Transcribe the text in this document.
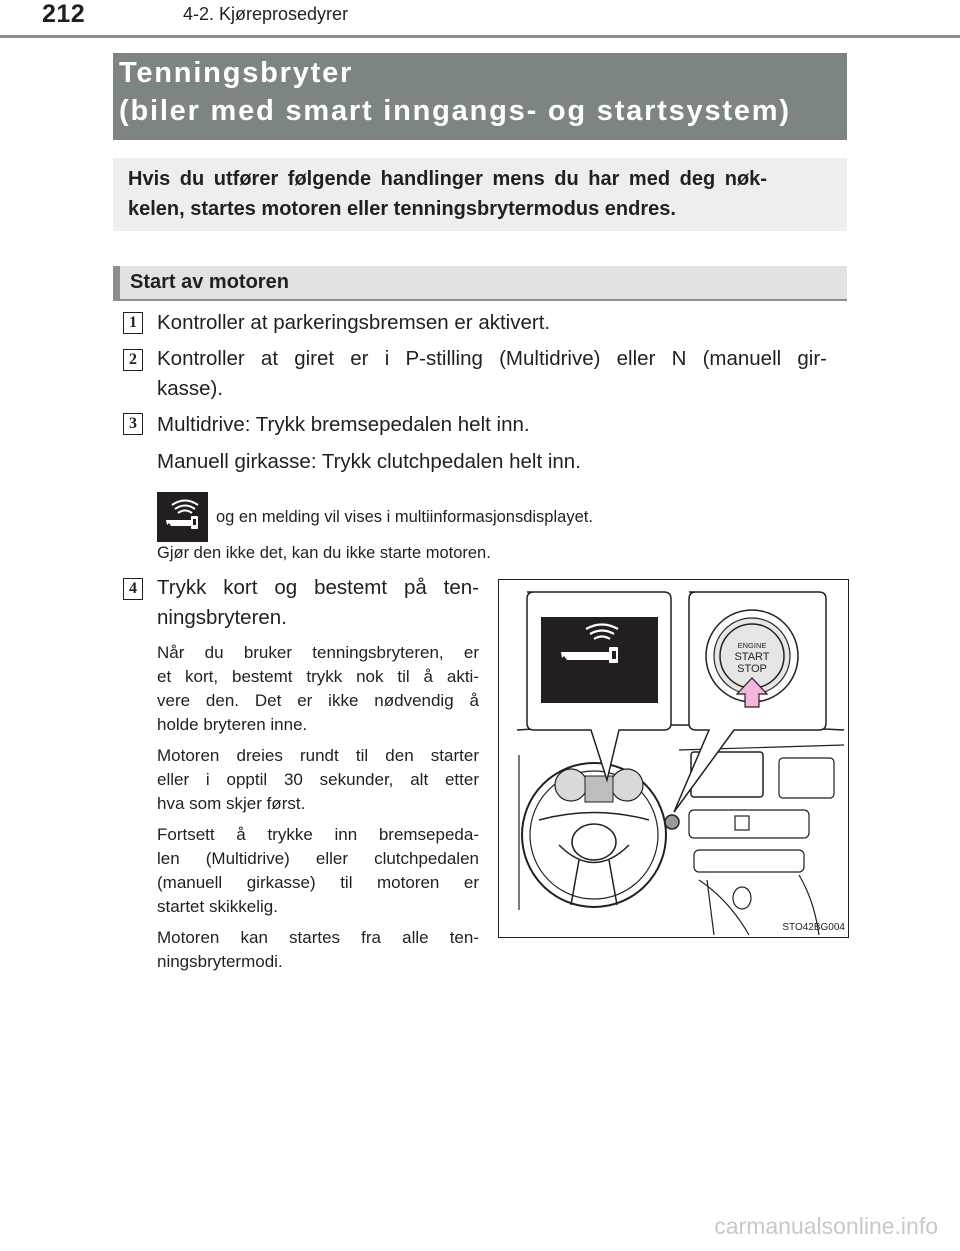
212	4-2. Kjøreprosedyrer
Tenningsbryter
(biler med smart inngangs- og startsystem)
Hvis du utfører følgende handlinger mens du har med deg nøk-
kelen, startes motoren eller tenningsbrytermodus endres.
Start av motoren
1 Kontroller at parkeringsbremsen er aktivert.
2 Kontroller at giret er i P-stilling (Multidrive) eller N (manuell gir-
kasse).
3 Multidrive: Trykk bremsepedalen helt inn.
Manuell girkasse: Trykk clutchpedalen helt inn.
og en melding vil vises i multiinformasjonsdisplayet.
Gjør den ikke det, kan du ikke starte motoren.
4 Trykk kort og bestemt på ten-
ningsbryteren.
Når du bruker tenningsbryteren, er
et kort, bestemt trykk nok til å akti-
vere den. Det er ikke nødvendig å
holde bryteren inne.
Motoren dreies rundt til den starter
eller i opptil 30 sekunder, alt etter
hva som skjer først.
Fortsett å trykke inn bremsepeda-
len (Multidrive) eller clutchpedalen
(manuell girkasse) til motoren er
startet skikkelig.
Motoren kan startes fra alle ten-
ningsbrytermodi.
ENGINE
START
STOP
STO42BG004
carmanualsonline.info
